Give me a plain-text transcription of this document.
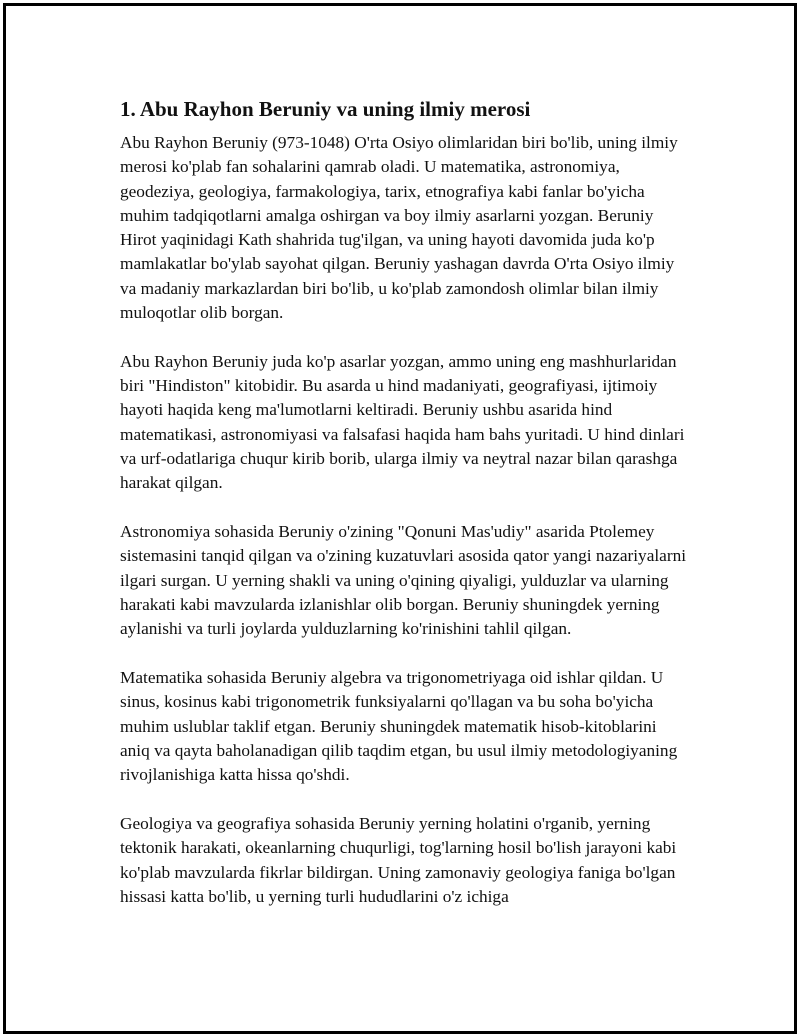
1. Abu Rayhon Beruniy va uning ilmiy merosi

Abu Rayhon Beruniy (973-1048) O'rta Osiyo olimlaridan biri bo'lib, uning ilmiy merosi ko'plab fan sohalarini qamrab oladi. U matematika, astronomiya, geodeziya, geologiya, farmakologiya, tarix, etnografiya kabi fanlar bo'yicha muhim tadqiqotlarni amalga oshirgan va boy ilmiy asarlarni yozgan. Beruniy Hirot yaqinidagi Kath shahrida tug'ilgan, va uning hayoti davomida juda ko'p mamlakatlar bo'ylab sayohat qilgan. Beruniy yashagan davrda O'rta Osiyo ilmiy va madaniy markazlardan biri bo'lib, u ko'plab zamondosh olimlar bilan ilmiy muloqotlar olib borgan.

Abu Rayhon Beruniy juda ko'p asarlar yozgan, ammo uning eng mashhurlaridan biri "Hindiston" kitobidir. Bu asarda u hind madaniyati, geografiyasi, ijtimoiy hayoti haqida keng ma'lumotlarni keltiradi. Beruniy ushbu asarida hind matematikasi, astronomiyasi va falsafasi haqida ham bahs yuritadi. U hind dinlari va urf-odatlariga chuqur kirib borib, ularga ilmiy va neytral nazar bilan qarashga harakat qilgan.

Astronomiya sohasida Beruniy o'zining "Qonuni Mas'udiy" asarida Ptolemey sistemasini tanqid qilgan va o'zining kuzatuvlari asosida qator yangi nazariyalarni ilgari surgan. U yerning shakli va uning o'qining qiyaligi, yulduzlar va ularning harakati kabi mavzularda izlanishlar olib borgan. Beruniy shuningdek yerning aylanishi va turli joylarda yulduzlarning ko'rinishini tahlil qilgan.

Matematika sohasida Beruniy algebra va trigonometriyaga oid ishlar qildan. U sinus, kosinus kabi trigonometrik funksiyalarni qo'llagan va bu soha bo'yicha muhim uslublar taklif etgan. Beruniy shuningdek matematik hisob-kitoblarini aniq va qayta baholanadigan qilib taqdim etgan, bu usul ilmiy metodologiyaning rivojlanishiga katta hissa qo'shdi.

Geologiya va geografiya sohasida Beruniy yerning holatini o'rganib, yerning tektonik harakati, okeanlarning chuqurligi, tog'larning hosil bo'lish jarayoni kabi ko'plab mavzularda fikrlar bildirgan. Uning zamonaviy geologiya faniga bo'lgan hissasi katta bo'lib, u yerning turli hududlarini o'z ichiga
